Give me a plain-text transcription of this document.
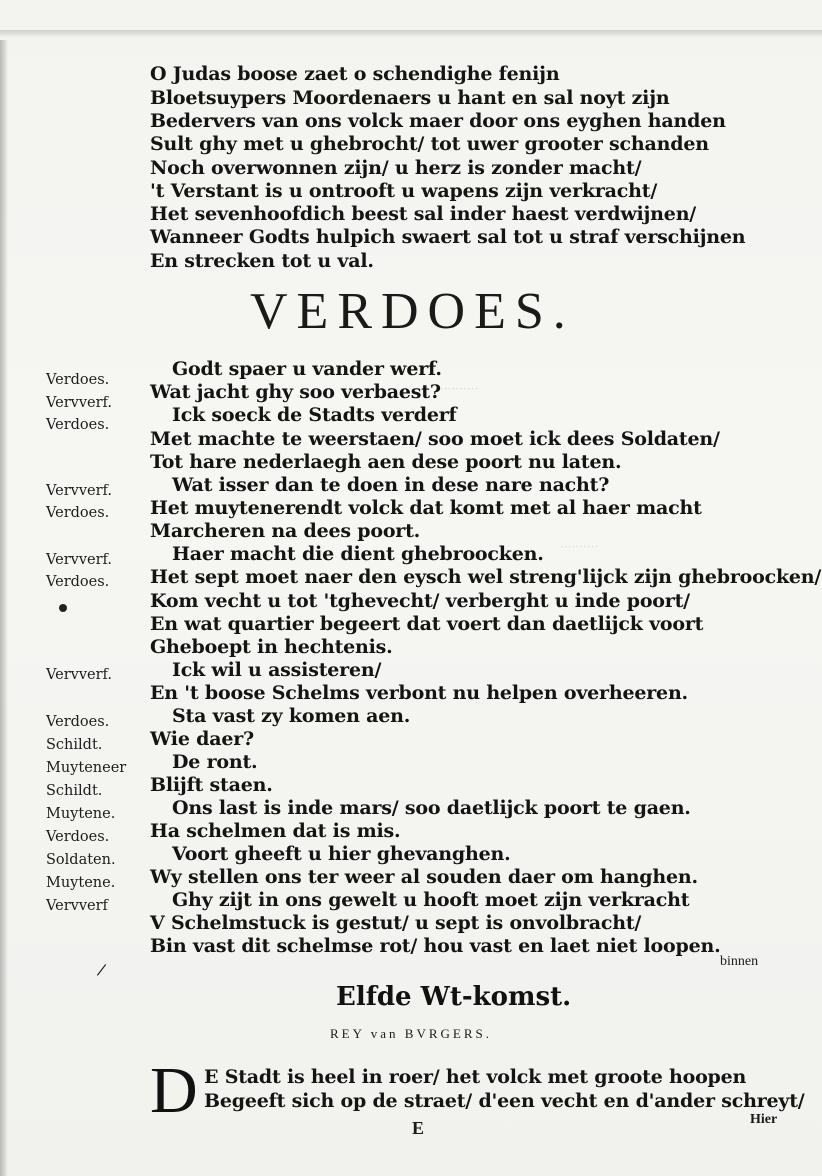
··········
··········
O Judas boose zaet o schendighe fenijn
Bloetsuypers Moordenaers u hant en sal noyt zijn
Bedervers van ons volck maer door ons eyghen handen
Sult ghy met u ghebrocht/ tot uwer grooter schanden
Noch overwonnen zijn/ u herz is zonder macht/
't Verstant is u ontrooft u wapens zijn verkracht/
Het sevenhoofdich beest sal inder haest verdwijnen/
Wanneer Godts hulpich swaert sal tot u straf verschijnen
En strecken tot u val.
VERDOES.
Verdoes.
Vervverf.
Verdoes.
Vervverf.
Verdoes.
Vervverf.
Verdoes.
Vervverf.
Verdoes.
Schildt.
Muyteneer
Schildt.
Muytene.
Verdoes.
Soldaten.
Muytene.
Vervverf
Godt spaer u vander werf.
Wat jacht ghy soo verbaest?
Ick soeck de Stadts verderf
Met machte te weerstaen/ soo moet ick dees Soldaten/
Tot hare nederlaegh aen dese poort nu laten.
Wat isser dan te doen in dese nare nacht?
Het muytenerendt volck dat komt met al haer macht
Marcheren na dees poort.
Haer macht die dient ghebroocken.
Het sept moet naer den eysch wel streng'lijck zijn ghebroocken/
Kom vecht u tot 'tghevecht/ verberght u inde poort/
En wat quartier begeert dat voert dan daetlijck voort
Gheboept in hechtenis.
Ick wil u assisteren/
En 't boose Schelms verbont nu helpen overheeren.
Sta vast zy komen aen.
Wie daer?
De ront.
Blijft staen.
Ons last is inde mars/ soo daetlijck poort te gaen.
Ha schelmen dat is mis.
Voort gheeft u hier ghevanghen.
Wy stellen ons ter weer al souden daer om hanghen.
Ghy zijt in ons gewelt u hooft moet zijn verkracht
V Schelmstuck is gestut/ u sept is onvolbracht/
Bin vast dit schelmse rot/ hou vast en laet niet loopen.
/	binnen
Elfde Wt-komst.
REY van BVRGERS.
D E Stadt is heel in roer/ het volck met groote hoopen
Begeeft sich op de straet/ d'een vecht en d'ander schreyt/
Hier
E
